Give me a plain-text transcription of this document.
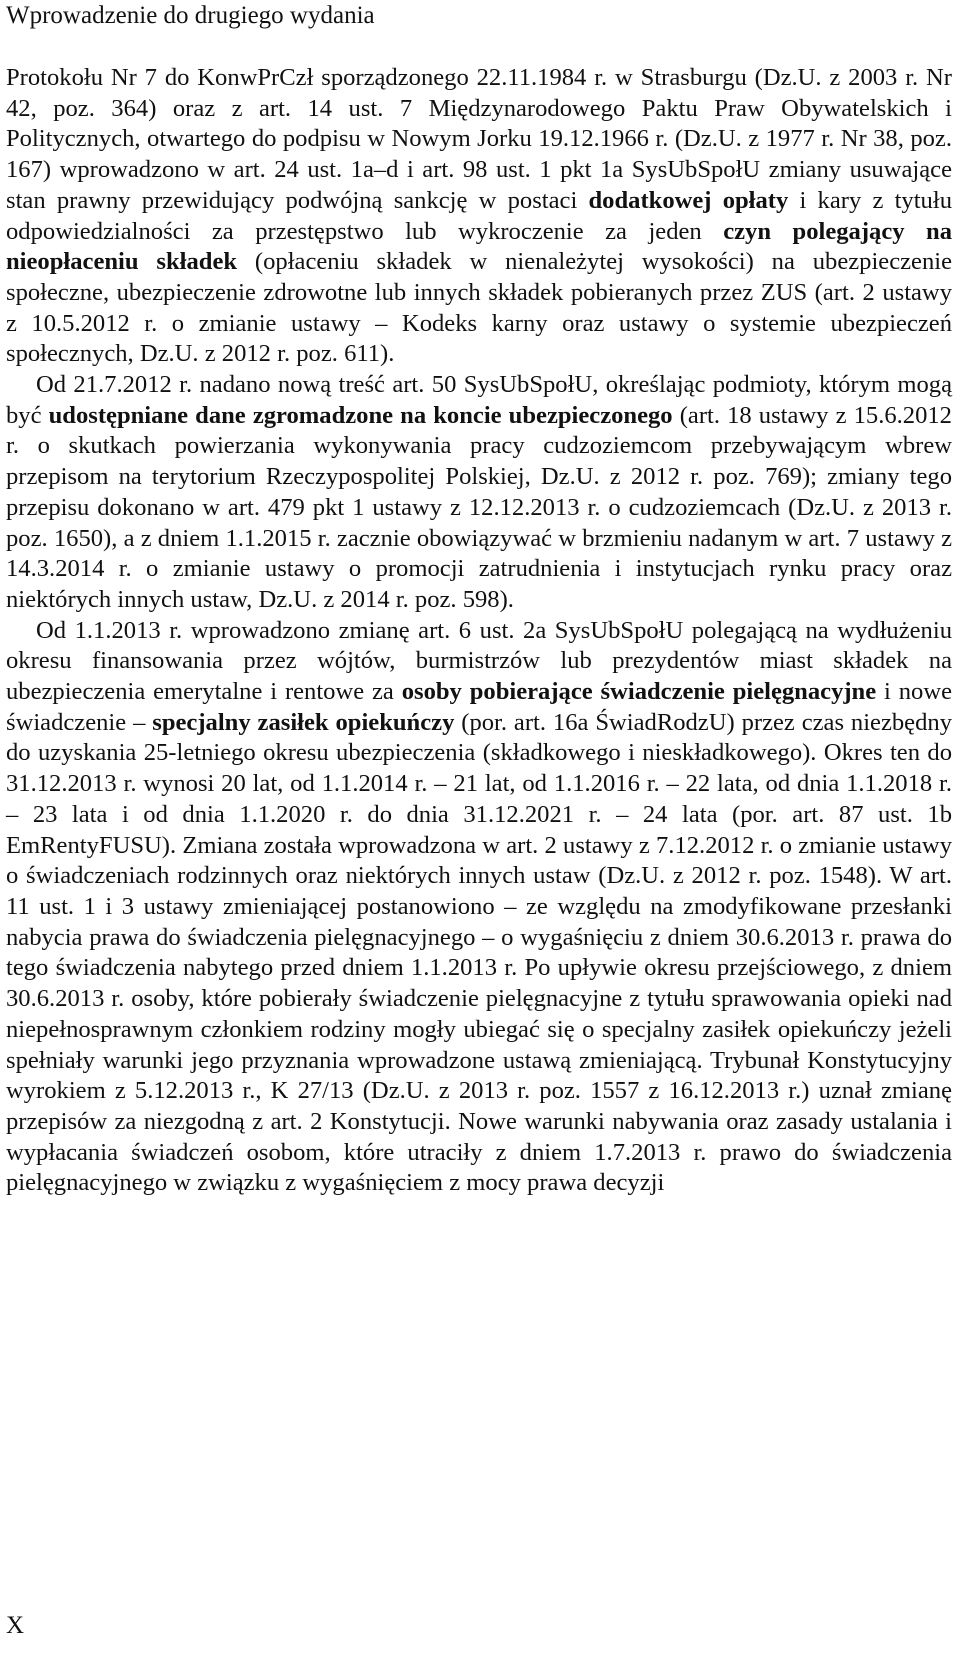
Wprowadzenie do drugiego wydania

Protokołu Nr 7 do KonwPrCzł sporządzonego 22.11.1984 r. w Strasburgu (Dz.U. z 2003 r. Nr 42, poz. 364) oraz z art. 14 ust. 7 Międzynarodowego Paktu Praw Obywatelskich i Politycznych, otwartego do podpisu w Nowym Jorku 19.12.1966 r. (Dz.U. z 1977 r. Nr 38, poz. 167) wprowadzono w art. 24 ust. 1a–d i art. 98 ust. 1 pkt 1a SysUbSpołU zmiany usuwające stan prawny przewidujący podwójną sankcję w postaci dodatkowej opłaty i kary z tytułu odpowiedzialności za przestępstwo lub wykroczenie za jeden czyn polegający na nieopłaceniu składek (opłaceniu składek w nienależytej wysokości) na ubezpieczenie społeczne, ubezpieczenie zdrowotne lub innych składek pobieranych przez ZUS (art. 2 ustawy z 10.5.2012 r. o zmianie ustawy – Kodeks karny oraz ustawy o systemie ubezpieczeń społecznych, Dz.U. z 2012 r. poz. 611).

Od 21.7.2012 r. nadano nową treść art. 50 SysUbSpołU, określając podmioty, którym mogą być udostępniane dane zgromadzone na koncie ubezpieczonego (art. 18 ustawy z 15.6.2012 r. o skutkach powierzania wykonywania pracy cudzoziemcom przebywającym wbrew przepisom na terytorium Rzeczypospolitej Polskiej, Dz.U. z 2012 r. poz. 769); zmiany tego przepisu dokonano w art. 479 pkt 1 ustawy z 12.12.2013 r. o cudzoziemcach (Dz.U. z 2013 r. poz. 1650), a z dniem 1.1.2015 r. zacznie obowiązywać w brzmieniu nadanym w art. 7 ustawy z 14.3.2014 r. o zmianie ustawy o promocji zatrudnienia i instytucjach rynku pracy oraz niektórych innych ustaw, Dz.U. z 2014 r. poz. 598).

Od 1.1.2013 r. wprowadzono zmianę art. 6 ust. 2a SysUbSpołU polegającą na wydłużeniu okresu finansowania przez wójtów, burmistrzów lub prezydentów miast składek na ubezpieczenia emerytalne i rentowe za osoby pobierające świadczenie pielęgnacyjne i nowe świadczenie – specjalny zasiłek opiekuńczy (por. art. 16a ŚwiadRodzU) przez czas niezbędny do uzyskania 25-letniego okresu ubezpieczenia (składkowego i nieskładkowego). Okres ten do 31.12.2013 r. wynosi 20 lat, od 1.1.2014 r. – 21 lat, od 1.1.2016 r. – 22 lata, od dnia 1.1.2018 r. – 23 lata i od dnia 1.1.2020 r. do dnia 31.12.2021 r. – 24 lata (por. art. 87 ust. 1b EmRentyFUSU). Zmiana została wprowadzona w art. 2 ustawy z 7.12.2012 r. o zmianie ustawy o świadczeniach rodzinnych oraz niektórych innych ustaw (Dz.U. z 2012 r. poz. 1548). W art. 11 ust. 1 i 3 ustawy zmieniającej postanowiono – ze względu na zmodyfikowane przesłanki nabycia prawa do świadczenia pielęgnacyjnego – o wygaśnięciu z dniem 30.6.2013 r. prawa do tego świadczenia nabytego przed dniem 1.1.2013 r. Po upływie okresu przejściowego, z dniem 30.6.2013 r. osoby, które pobierały świadczenie pielęgnacyjne z tytułu sprawowania opieki nad niepełnosprawnym członkiem rodziny mogły ubiegać się o specjalny zasiłek opiekuńczy jeżeli spełniały warunki jego przyznania wprowadzone ustawą zmieniającą. Trybunał Konstytucyjny wyrokiem z 5.12.2013 r., K 27/13 (Dz.U. z 2013 r. poz. 1557 z 16.12.2013 r.) uznał zmianę przepisów za niezgodną z art. 2 Konstytucji. Nowe warunki nabywania oraz zasady ustalania i wypłacania świadczeń osobom, które utraciły z dniem 1.7.2013 r. prawo do świadczenia pielęgnacyjnego w związku z wygaśnięciem z mocy prawa decyzji

X
